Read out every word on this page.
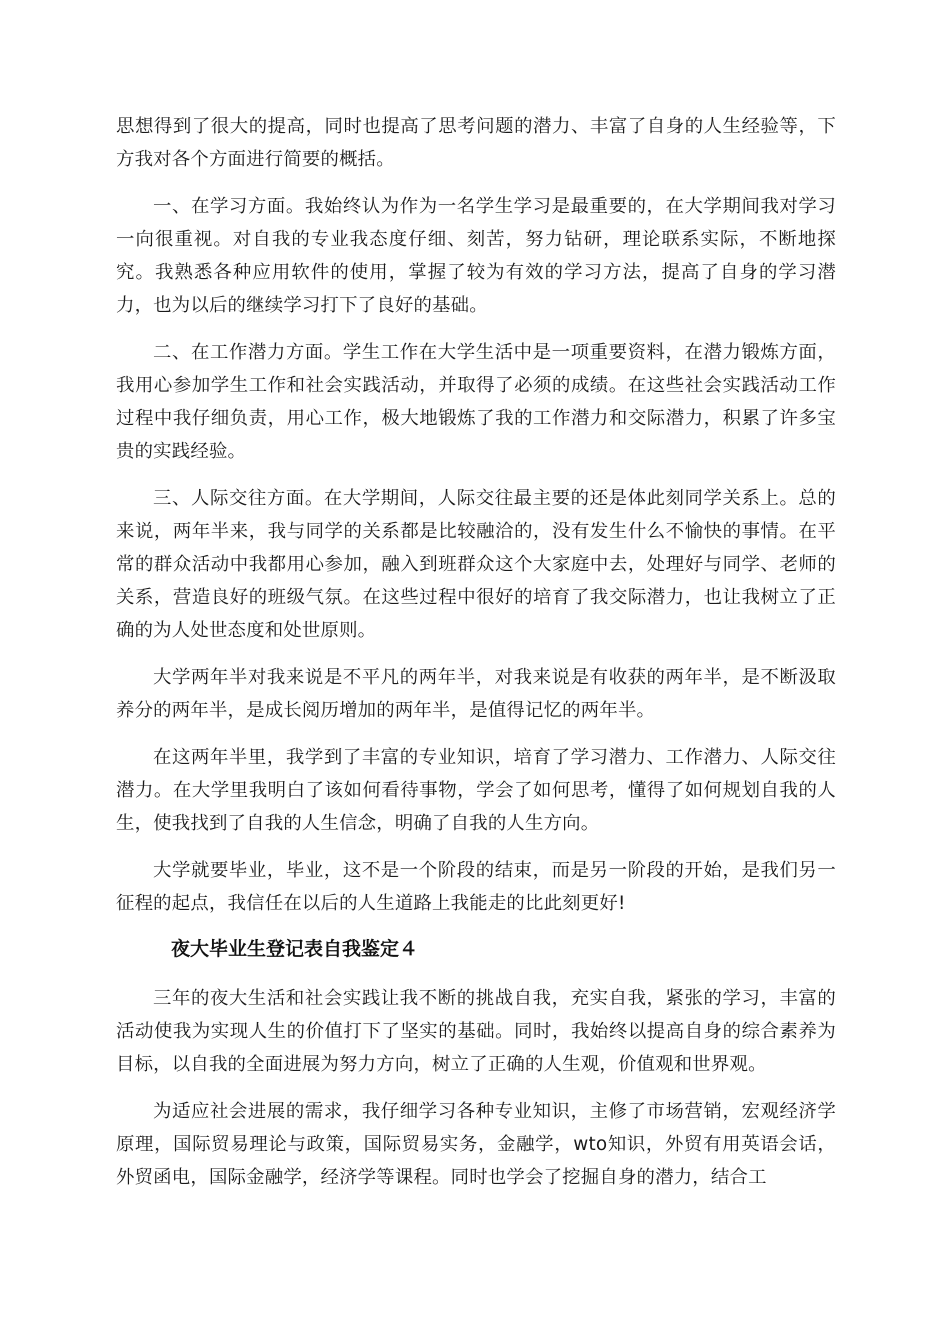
思想得到了很大的提高，同时也提高了思考问题的潜力、丰富了自身的人生经验等，下方我对各个方面进行简要的概括。

一、在学习方面。我始终认为作为一名学生学习是最重要的，在大学期间我对学习一向很重视。对自我的专业我态度仔细、刻苦，努力钻研，理论联系实际，不断地探究。我熟悉各种应用软件的使用，掌握了较为有效的学习方法，提高了自身的学习潜力，也为以后的继续学习打下了良好的基础。

二、在工作潜力方面。学生工作在大学生活中是一项重要资料，在潜力锻炼方面，我用心参加学生工作和社会实践活动，并取得了必须的成绩。在这些社会实践活动工作过程中我仔细负责，用心工作，极大地锻炼了我的工作潜力和交际潜力，积累了许多宝贵的实践经验。

三、人际交往方面。在大学期间，人际交往最主要的还是体此刻同学关系上。总的来说，两年半来，我与同学的关系都是比较融洽的，没有发生什么不愉快的事情。在平常的群众活动中我都用心参加，融入到班群众这个大家庭中去，处理好与同学、老师的关系，营造良好的班级气氛。在这些过程中很好的培育了我交际潜力，也让我树立了正确的为人处世态度和处世原则。

大学两年半对我来说是不平凡的两年半，对我来说是有收获的两年半，是不断汲取养分的两年半，是成长阅历增加的两年半，是值得记忆的两年半。

在这两年半里，我学到了丰富的专业知识，培育了学习潜力、工作潜力、人际交往潜力。在大学里我明白了该如何看待事物，学会了如何思考，懂得了如何规划自我的人生，使我找到了自我的人生信念，明确了自我的人生方向。

大学就要毕业，毕业，这不是一个阶段的结束，而是另一阶段的开始，是我们另一征程的起点，我信任在以后的人生道路上我能走的比此刻更好!

夜大毕业生登记表自我鉴定４

三年的夜大生活和社会实践让我不断的挑战自我，充实自我，紧张的学习，丰富的活动使我为实现人生的价值打下了坚实的基础。同时，我始终以提高自身的综合素养为目标，以自我的全面进展为努力方向，树立了正确的人生观，价值观和世界观。

为适应社会进展的需求，我仔细学习各种专业知识，主修了市场营销，宏观经济学原理，国际贸易理论与政策，国际贸易实务，金融学，wto知识，外贸有用英语会话，外贸函电，国际金融学，经济学等课程。同时也学会了挖掘自身的潜力，结合工
